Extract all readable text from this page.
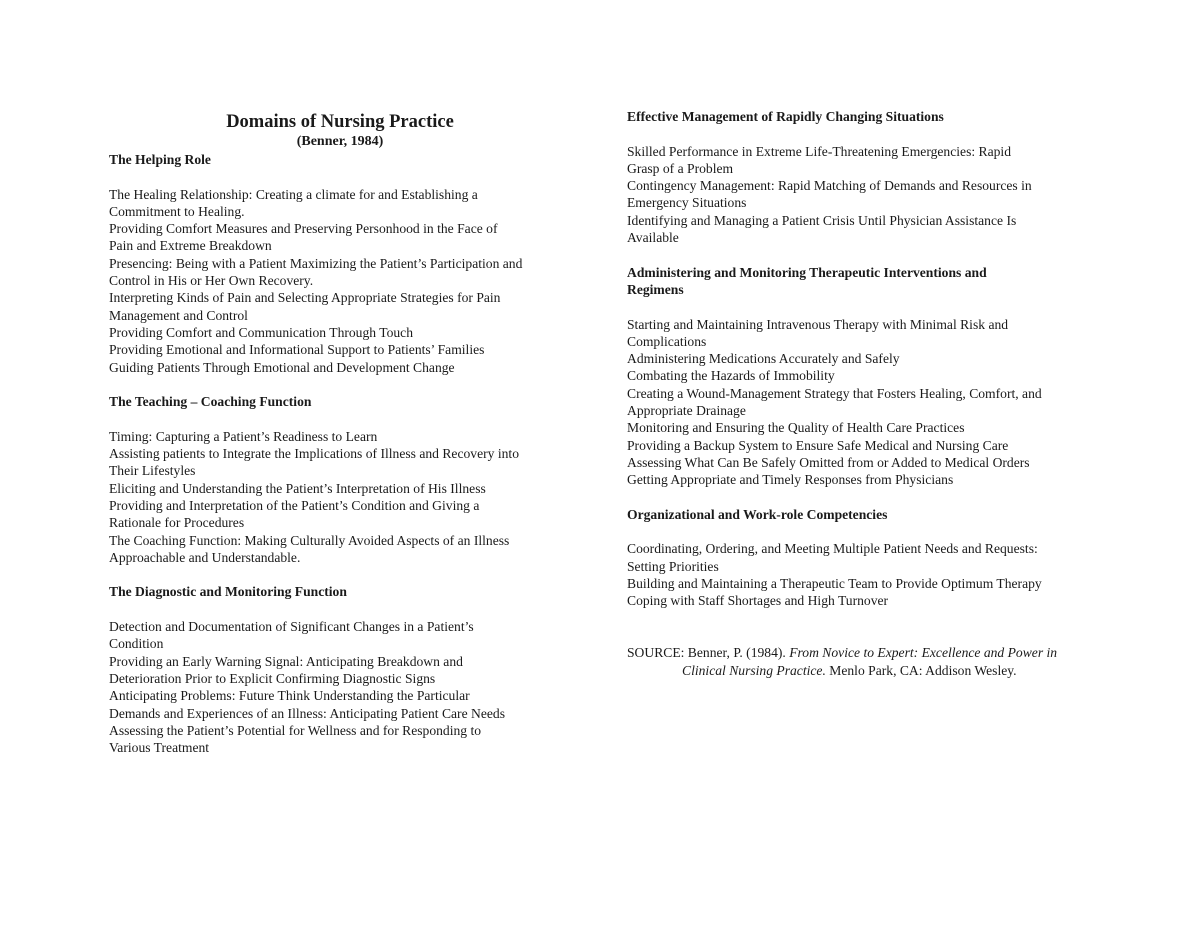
Domains of Nursing Practice
(Benner, 1984)

The Helping Role

The Healing Relationship: Creating a climate for and Establishing a
Commitment to Healing.

Providing Comfort Measures and Preserving Personhood in the Face of
Pain and Extreme Breakdown

Presencing: Being with a Patient Maximizing the Patient’s Participation and
Control in His or Her Own Recovery.

Interpreting Kinds of Pain and Selecting Appropriate Strategies for Pain
Management and Control

Providing Comfort and Communication Through Touch

Providing Emotional and Informational Support to Patients’ Families

Guiding Patients Through Emotional and Development Change

The Teaching – Coaching Function

Timing: Capturing a Patient’s Readiness to Learn

Assisting patients to Integrate the Implications of Illness and Recovery into
Their Lifestyles

Eliciting and Understanding the Patient’s Interpretation of His Illness

Providing and Interpretation of the Patient’s Condition and Giving a
Rationale for Procedures

The Coaching Function: Making Culturally Avoided Aspects of an Illness
Approachable and Understandable.

The Diagnostic and Monitoring Function

Detection and Documentation of Significant Changes in a Patient’s
Condition

Providing an Early Warning Signal: Anticipating Breakdown and
Deterioration Prior to Explicit Confirming Diagnostic Signs

Anticipating Problems: Future Think Understanding the Particular
Demands and Experiences of an Illness: Anticipating Patient Care Needs

Assessing the Patient’s Potential for Wellness and for Responding to
Various Treatment

Effective Management of Rapidly Changing Situations

Skilled Performance in Extreme Life-Threatening Emergencies: Rapid
Grasp of a Problem

Contingency Management: Rapid Matching of Demands and Resources in
Emergency Situations

Identifying and Managing a Patient Crisis Until Physician Assistance Is
Available

Administering and Monitoring Therapeutic Interventions and
Regimens

Starting and Maintaining Intravenous Therapy with Minimal Risk and
Complications

Administering Medications Accurately and Safely

Combating the Hazards of Immobility

Creating a Wound-Management Strategy that Fosters Healing, Comfort, and
Appropriate Drainage

Monitoring and Ensuring the Quality of Health Care Practices

Providing a Backup System to Ensure Safe Medical and Nursing Care

Assessing What Can Be Safely Omitted from or Added to Medical Orders

Getting Appropriate and Timely Responses from Physicians

Organizational and Work-role Competencies

Coordinating, Ordering, and Meeting Multiple Patient Needs and Requests:
Setting Priorities

Building and Maintaining a Therapeutic Team to Provide Optimum Therapy

Coping with Staff Shortages and High Turnover

SOURCE: Benner, P. (1984). From Novice to Expert: Excellence and Power in Clinical Nursing Practice. Menlo Park, CA: Addison Wesley.
